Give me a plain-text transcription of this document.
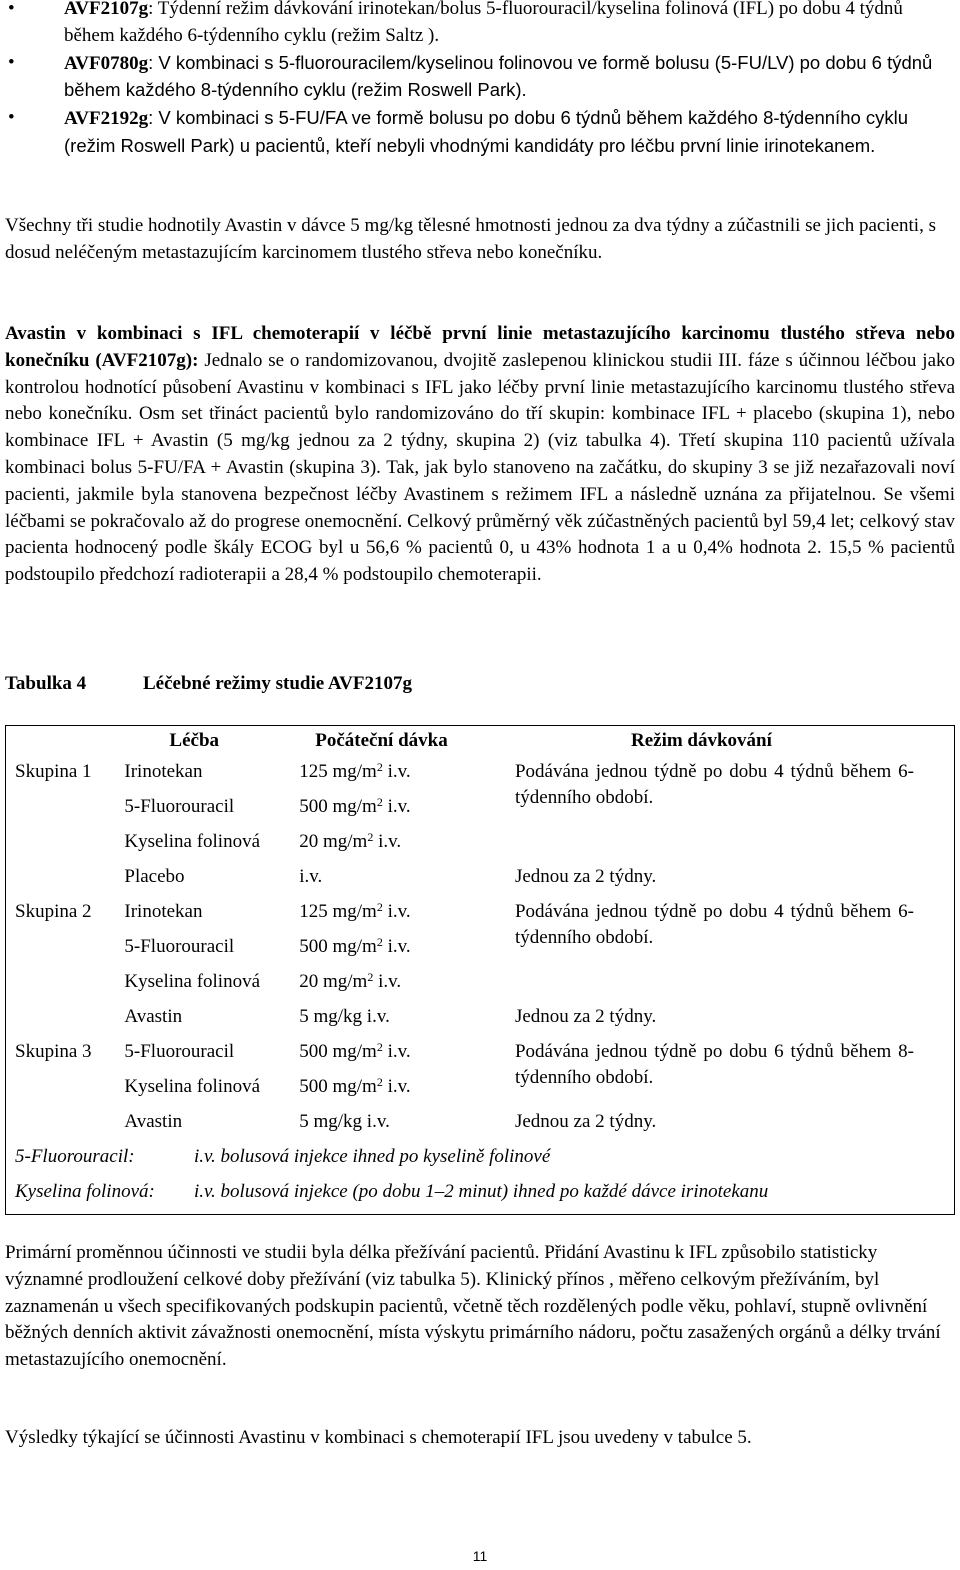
•	AVF2107g: Týdenní režim dávkování irinotekan/bolus 5-fluorouracil/kyselina folinová (IFL) po dobu 4 týdnů během každého 6-týdenního cyklu (režim Saltz ).
•	AVF0780g: V kombinaci s 5-fluorouracilem/kyselinou folinovou ve formě bolusu (5-FU/LV) po dobu 6 týdnů během každého 8-týdenního cyklu (režim Roswell Park).
•	AVF2192g: V kombinaci s 5-FU/FA ve formě bolusu po dobu 6 týdnů během každého 8-týdenního cyklu (režim Roswell Park) u pacientů, kteří nebyli vhodnými kandidáty pro léčbu první linie irinotekanem.
Všechny tři studie hodnotily Avastin v dávce 5 mg/kg tělesné hmotnosti jednou za dva týdny a zúčastnili se jich pacienti, s dosud neléčeným metastazujícím karcinomem tlustého střeva nebo konečníku.
Avastin v kombinaci s IFL chemoterapií v léčbě první linie metastazujícího karcinomu tlustého střeva nebo konečníku (AVF2107g): Jednalo se o randomizovanou, dvojitě zaslepenou klinickou studii III. fáze s účinnou léčbou jako kontrolou hodnotící působení Avastinu v kombinaci s IFL jako léčby první linie metastazujícího karcinomu tlustého střeva nebo konečníku. Osm set třináct pacientů bylo randomizováno do tří skupin: kombinace IFL + placebo (skupina 1), nebo kombinace IFL + Avastin (5 mg/kg jednou za 2 týdny, skupina 2) (viz tabulka 4). Třetí skupina 110 pacientů užívala kombinaci bolus 5-FU/FA + Avastin (skupina 3). Tak, jak bylo stanoveno na začátku, do skupiny 3 se již nezařazovali noví pacienti, jakmile byla stanovena bezpečnost léčby Avastinem s režimem IFL a následně uznána za přijatelnou. Se všemi léčbami se pokračovalo až do progrese onemocnění. Celkový průměrný věk zúčastněných pacientů byl 59,4 let; celkový stav pacienta hodnocený podle škály ECOG byl u 56,6 % pacientů 0, u 43% hodnota 1 a u 0,4% hodnota 2. 15,5 % pacientů podstoupilo předchozí radioterapii a 28,4 % podstoupilo chemoterapii.
Tabulka 4	Léčebné režimy studie AVF2107g
	Léčba	Počáteční dávka	Režim dávkování
Skupina 1	Irinotekan	125 $mg/m^2$ i.v.	Podávána jednou týdně po dobu 4 týdnů během 6-týdenního období.
	5-Fluorouracil	500 $mg/m^2$ i.v.	
	Kyselina folinová	20 $mg/m^2$ i.v.	
	Placebo	i.v.	Jednou za 2 týdny.
Skupina 2	Irinotekan	125 $mg/m^2$ i.v.	Podávána jednou týdně po dobu 4 týdnů během 6-týdenního období.
	5-Fluorouracil	500 $mg/m^2$ i.v.	
	Kyselina folinová	20 $mg/m^2$ i.v.	
	Avastin	5 mg/kg i.v.	Jednou za 2 týdny.
Skupina 3	5-Fluorouracil	500 $mg/m^2$ i.v.	Podávána jednou týdně po dobu 6 týdnů během 8-týdenního období.
	Kyselina folinová	500 $mg/m^2$ i.v.	
	Avastin	5 mg/kg i.v.	Jednou za 2 týdny.
5-Fluorouracil: i.v. bolusová injekce ihned po kyselině folinové			

Kyselina folinová: i.v. bolusová injekce (po dobu 1–2 minut) ihned po každé dávce irinotekanu			
Primární proměnnou účinnosti ve studii byla délka přežívání pacientů. Přidání Avastinu k IFL způsobilo statisticky významné prodloužení celkové doby přežívání (viz tabulka 5). Klinický přínos , měřeno celkovým přežíváním, byl zaznamenán u všech specifikovaných podskupin pacientů, včetně těch rozdělených podle věku, pohlaví, stupně ovlivnění běžných denních aktivit závažnosti onemocnění, místa výskytu primárního nádoru, počtu zasažených orgánů a délky trvání metastazujícího onemocnění.
Výsledky týkající se účinnosti Avastinu v kombinaci s chemoterapií IFL jsou uvedeny v tabulce 5.
11
